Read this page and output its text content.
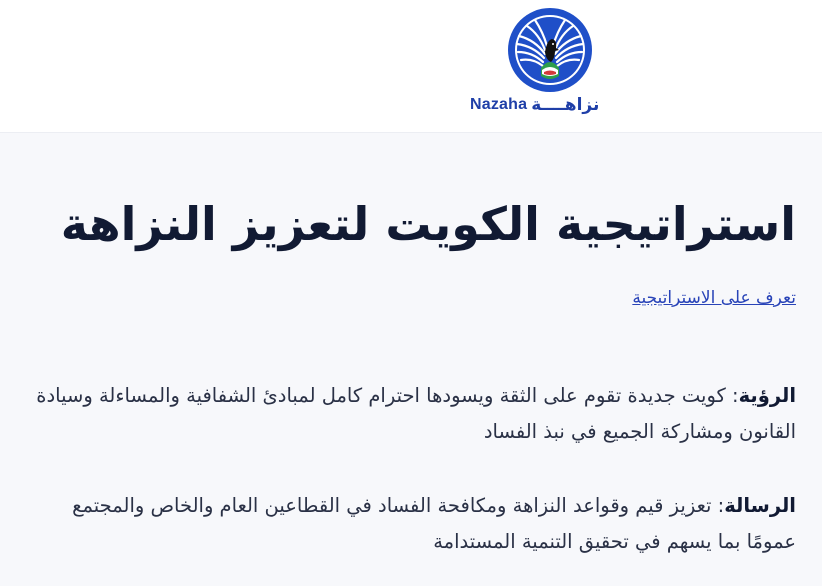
Nazaha نزاهــــة
استراتيجية الكويت لتعزيز النزاهة
تعرف على الاستراتيجية

الرؤية: كويت جديدة تقوم على الثقة ويسودها احترام كامل لمبادئ الشفافية والمساءلة وسيادة القانون ومشاركة الجميع في نبذ الفساد

الرسالة: تعزيز قيم وقواعد النزاهة ومكافحة الفساد في القطاعين العام والخاص والمجتمع عمومًا بما يسهم في تحقيق التنمية المستدامة
